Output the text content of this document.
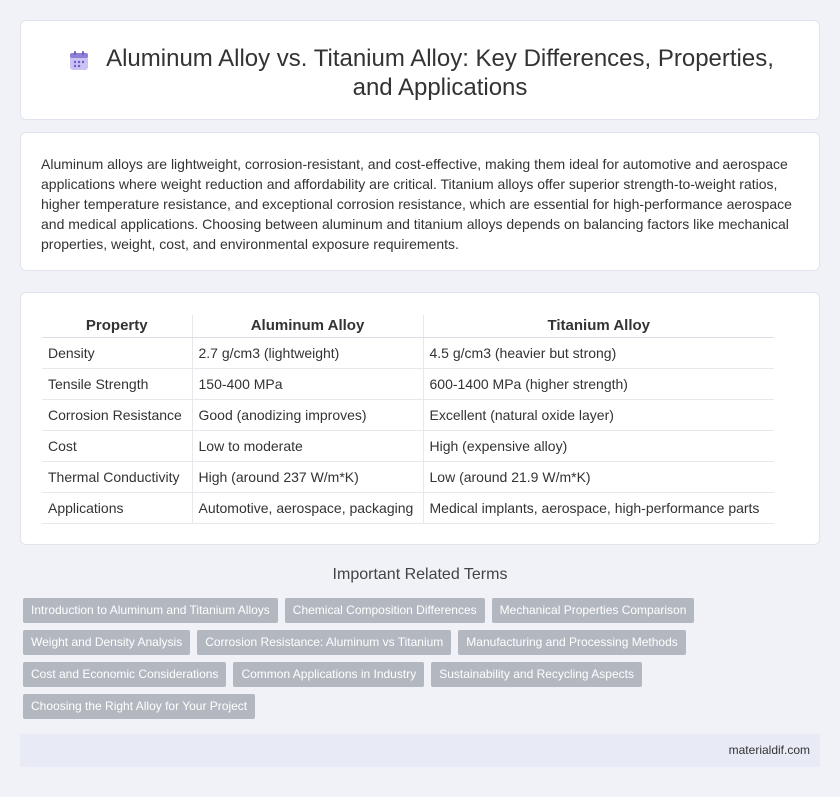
Aluminum Alloy vs. Titanium Alloy: Key Differences, Properties, and Applications

Aluminum alloys are lightweight, corrosion-resistant, and cost-effective, making them ideal for automotive and aerospace applications where weight reduction and affordability are critical. Titanium alloys offer superior strength-to-weight ratios, higher temperature resistance, and exceptional corrosion resistance, which are essential for high-performance aerospace and medical applications. Choosing between aluminum and titanium alloys depends on balancing factors like mechanical properties, weight, cost, and environmental exposure requirements.

Property	Aluminum Alloy	Titanium Alloy
Density	2.7 g/cm3 (lightweight)	4.5 g/cm3 (heavier but strong)
Tensile Strength	150-400 MPa	600-1400 MPa (higher strength)
Corrosion Resistance	Good (anodizing improves)	Excellent (natural oxide layer)
Cost	Low to moderate	High (expensive alloy)
Thermal Conductivity	High (around 237 W/m*K)	Low (around 21.9 W/m*K)
Applications	Automotive, aerospace, packaging	Medical implants, aerospace, high-performance parts
Important Related Terms
Introduction to Aluminum and Titanium Alloys	Chemical Composition Differences	Mechanical Properties Comparison
Weight and Density Analysis	Corrosion Resistance: Aluminum vs Titanium	Manufacturing and Processing Methods
Cost and Economic Considerations	Common Applications in Industry	Sustainability and Recycling Aspects
Choosing the Right Alloy for Your Project
materialdif.com
